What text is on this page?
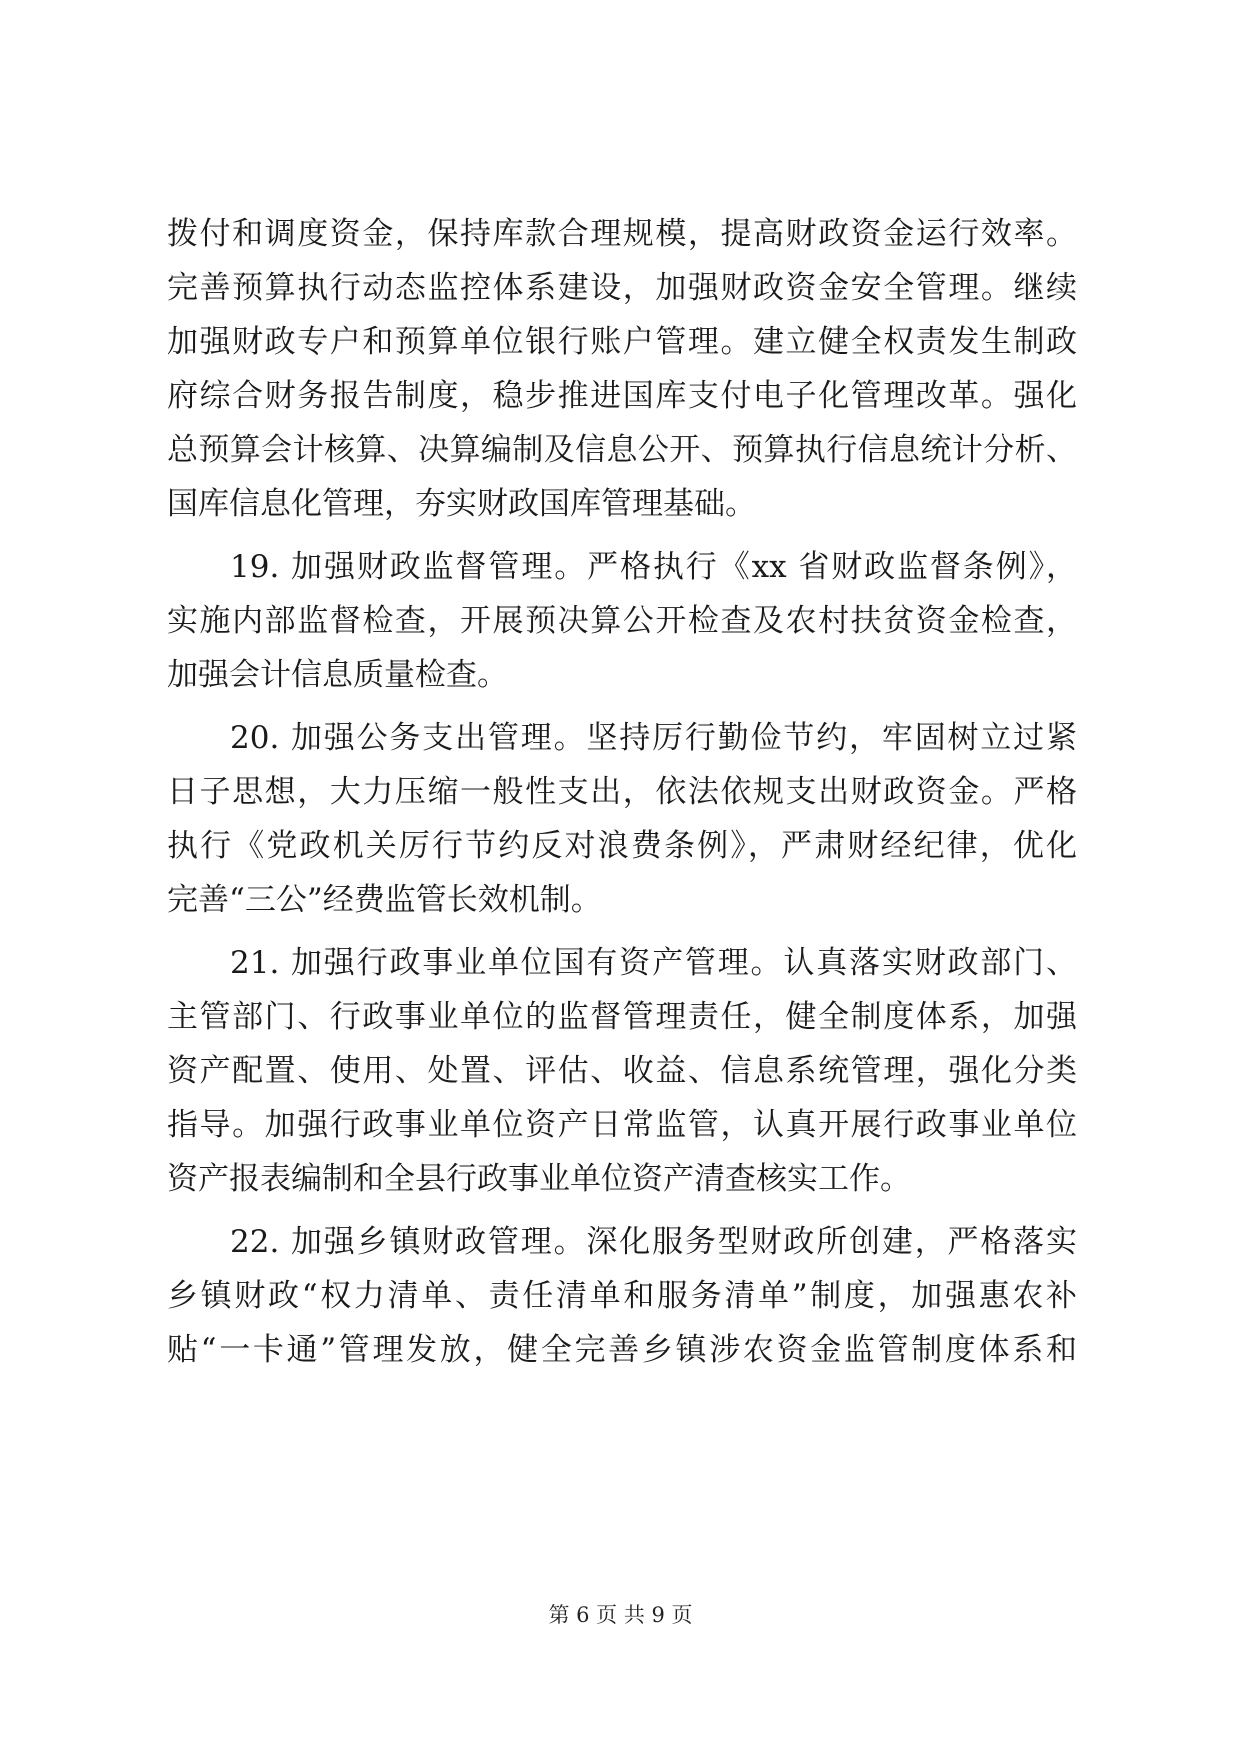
拨付和调度资金，保持库款合理规模，提高财政资金运行效率。
完善预算执行动态监控体系建设，加强财政资金安全管理。继续
加强财政专户和预算单位银行账户管理。建立健全权责发生制政
府综合财务报告制度，稳步推进国库支付电子化管理改革。强化
总预算会计核算、决算编制及信息公开、预算执行信息统计分析、
国库信息化管理，夯实财政国库管理基础。
19. 加强财政监督管理。严格执行《xx 省财政监督条例》，
实施内部监督检查，开展预决算公开检查及农村扶贫资金检查，
加强会计信息质量检查。
20. 加强公务支出管理。坚持厉行勤俭节约，牢固树立过紧
日子思想，大力压缩一般性支出，依法依规支出财政资金。严格
执行《党政机关厉行节约反对浪费条例》，严肃财经纪律，优化
完善“三公”经费监管长效机制。
21. 加强行政事业单位国有资产管理。认真落实财政部门、
主管部门、行政事业单位的监督管理责任，健全制度体系，加强
资产配置、使用、处置、评估、收益、信息系统管理，强化分类
指导。加强行政事业单位资产日常监管，认真开展行政事业单位
资产报表编制和全县行政事业单位资产清查核实工作。
22. 加强乡镇财政管理。深化服务型财政所创建，严格落实
乡镇财政“权力清单、责任清单和服务清单”制度，加强惠农补
贴“一卡通”管理发放，健全完善乡镇涉农资金监管制度体系和
第 6 页 共 9 页
